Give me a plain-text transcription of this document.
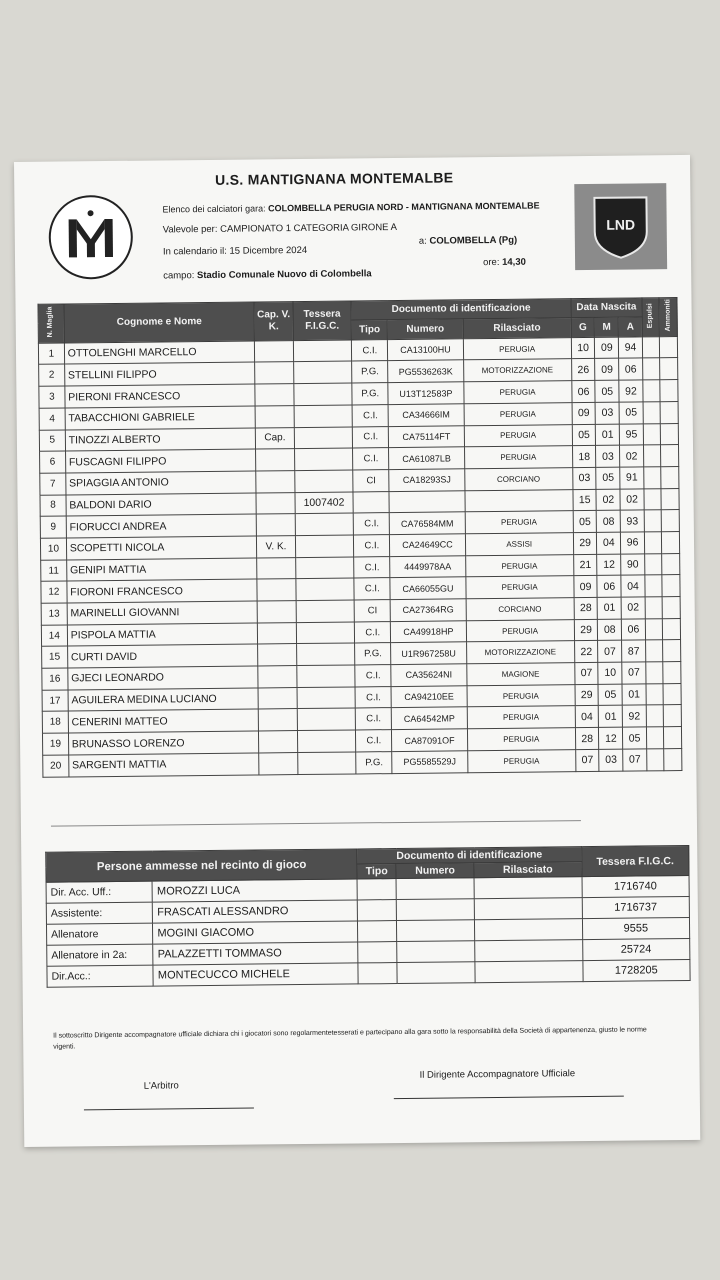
LND
U.S. MANTIGNANA MONTEMALBE
Elenco dei calciatori gara: COLOMBELLA PERUGIA NORD - MANTIGNANA MONTEMALBE
Valevole per: CAMPIONATO 1 CATEGORIA GIRONE A
In calendario il: 15 Dicembre 2024
a: COLOMBELLA (Pg)
campo: Stadio Comunale Nuovo di Colombella
ore: 14,30
N. Maglia	Cognome e Nome	Cap. V. K.	Tessera F.I.G.C.	Documento di identificazione			Data Nascita			Espulsi	Ammoniti
				Tipo	Numero	Rilasciato	G	M	A		
1	OTTOLENGHI MARCELLO			C.I.	CA13100HU	PERUGIA	10	09	94		
2	STELLINI FILIPPO			P.G.	PG5536263K	MOTORIZZAZIONE	26	09	06		
3	PIERONI FRANCESCO			P.G.	U13T12583P	PERUGIA	06	05	92		
4	TABACCHIONI GABRIELE			C.I.	CA34666IM	PERUGIA	09	03	05		
5	TINOZZI ALBERTO	Cap.		C.I.	CA75114FT	PERUGIA	05	01	95		
6	FUSCAGNI FILIPPO			C.I.	CA61087LB	PERUGIA	18	03	02		
7	SPIAGGIA ANTONIO			CI	CA18293SJ	CORCIANO	03	05	91		
8	BALDONI DARIO		1007402				15	02	02		
9	FIORUCCI ANDREA			C.I.	CA76584MM	PERUGIA	05	08	93		
10	SCOPETTI NICOLA	V. K.		C.I.	CA24649CC	ASSISI	29	04	96		
11	GENIPI MATTIA			C.I.	4449978AA	PERUGIA	21	12	90		
12	FIORONI FRANCESCO			C.I.	CA66055GU	PERUGIA	09	06	04		
13	MARINELLI GIOVANNI			CI	CA27364RG	CORCIANO	28	01	02		
14	PISPOLA MATTIA			C.I.	CA49918HP	PERUGIA	29	08	06		
15	CURTI DAVID			P.G.	U1R967258U	MOTORIZZAZIONE	22	07	87		
16	GJECI LEONARDO			C.I.	CA35624NI	MAGIONE	07	10	07		
17	AGUILERA MEDINA LUCIANO			C.I.	CA94210EE	PERUGIA	29	05	01		
18	CENERINI MATTEO			C.I.	CA64542MP	PERUGIA	04	01	92		
19	BRUNASSO LORENZO			C.I.	CA87091OF	PERUGIA	28	12	05		
20	SARGENTI MATTIA			P.G.	PG5585529J	PERUGIA	07	03	07		
Persone ammesse nel recinto di gioco		Documento di identificazione			Tessera F.I.G.C.
		Tipo	Numero	Rilasciato	
Dir. Acc. Uff.:	MOROZZI LUCA				1716740
Assistente:	FRASCATI ALESSANDRO				1716737
Allenatore	MOGINI GIACOMO				9555
Allenatore in 2a:	PALAZZETTI TOMMASO				25724
Dir.Acc.:	MONTECUCCO MICHELE				1728205
Il sottoscritto Dirigente accompagnatore ufficiale dichiara chi i giocatori sono regolarmentetesserati e partecipano alla gara sotto la responsabilità della Società di appartenenza, giusto le norme vigenti.
L'Arbitro
Il Dirigente Accompagnatore Ufficiale
